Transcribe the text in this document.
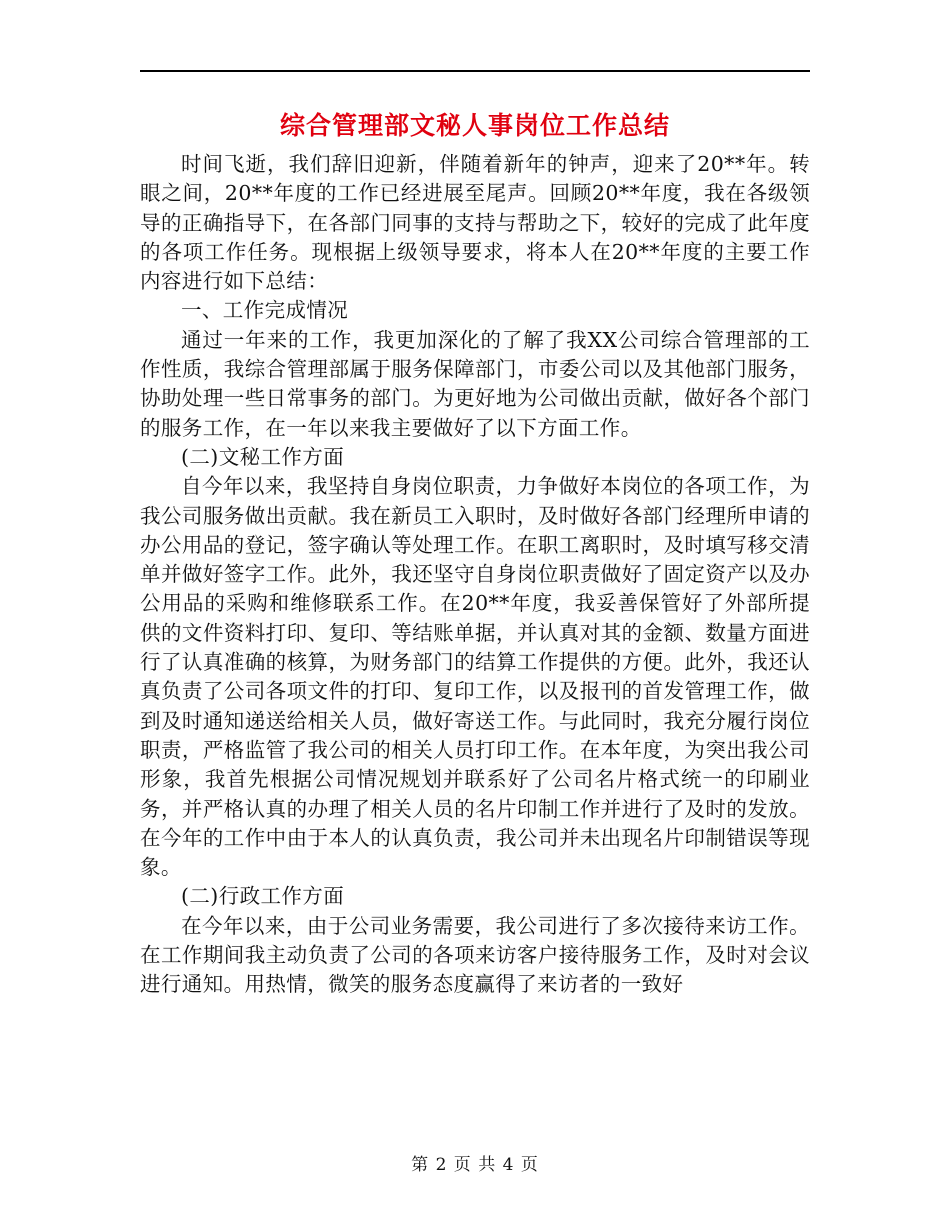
综合管理部文秘人事岗位工作总结

时间飞逝，我们辞旧迎新，伴随着新年的钟声，迎来了20**年。转眼之间，20**年度的工作已经进展至尾声。回顾20**年度，我在各级领导的正确指导下，在各部门同事的支持与帮助之下，较好的完成了此年度的各项工作任务。现根据上级领导要求，将本人在20**年度的主要工作内容进行如下总结：

一、工作完成情况

通过一年来的工作，我更加深化的了解了我XX公司综合管理部的工作性质，我综合管理部属于服务保障部门，市委公司以及其他部门服务，协助处理一些日常事务的部门。为更好地为公司做出贡献，做好各个部门的服务工作，在一年以来我主要做好了以下方面工作。

(二)文秘工作方面

自今年以来，我坚持自身岗位职责，力争做好本岗位的各项工作，为我公司服务做出贡献。我在新员工入职时，及时做好各部门经理所申请的办公用品的登记，签字确认等处理工作。在职工离职时，及时填写移交清单并做好签字工作。此外，我还坚守自身岗位职责做好了固定资产以及办公用品的采购和维修联系工作。在20**年度，我妥善保管好了外部所提供的文件资料打印、复印、等结账单据，并认真对其的金额、数量方面进行了认真准确的核算，为财务部门的结算工作提供的方便。此外，我还认真负责了公司各项文件的打印、复印工作，以及报刊的首发管理工作，做到及时通知递送给相关人员，做好寄送工作。与此同时，我充分履行岗位职责，严格监管了我公司的相关人员打印工作。在本年度，为突出我公司形象，我首先根据公司情况规划并联系好了公司名片格式统一的印刷业务，并严格认真的办理了相关人员的名片印制工作并进行了及时的发放。在今年的工作中由于本人的认真负责，我公司并未出现名片印制错误等现象。

(二)行政工作方面

在今年以来，由于公司业务需要，我公司进行了多次接待来访工作。在工作期间我主动负责了公司的各项来访客户接待服务工作，及时对会议进行通知。用热情，微笑的服务态度赢得了来访者的一致好

第 2 页 共 4 页
